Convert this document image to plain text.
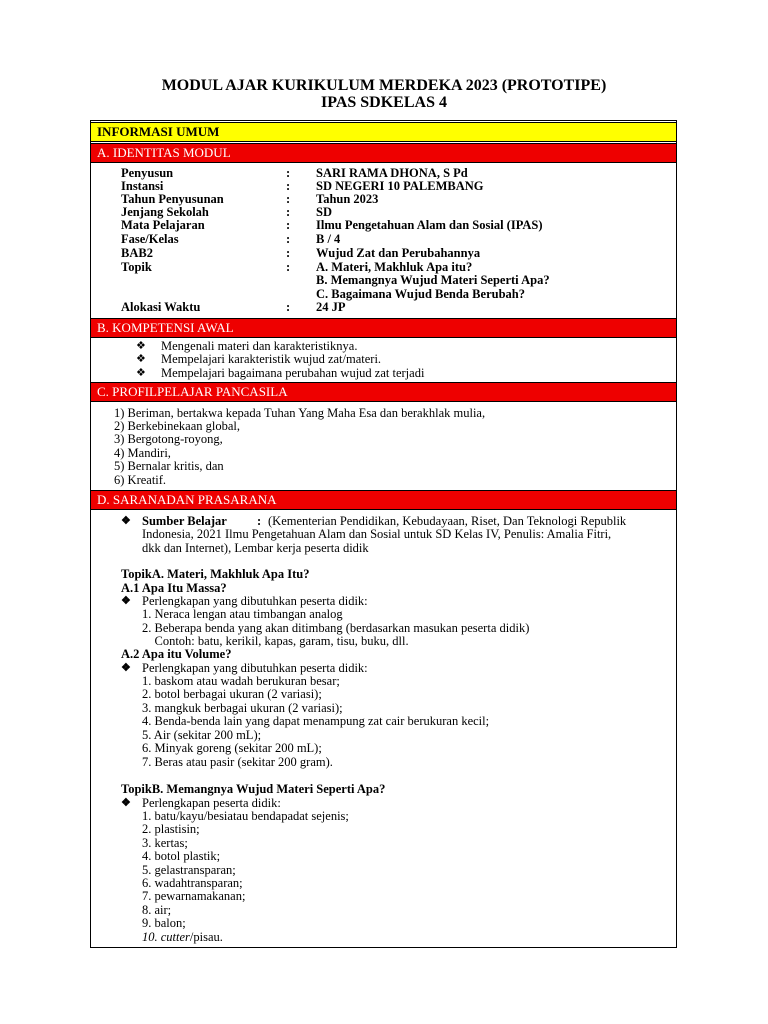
MODUL AJAR KURIKULUM MERDEKA 2023 (PROTOTIPE)
IPAS SDKELAS 4
INFORMASI UMUM
A. IDENTITAS MODUL
Penyusun	: SARI RAMA DHONA, S Pd
Instansi	: SD NEGERI 10 PALEMBANG
Tahun Penyusunan	: Tahun 2023
Jenjang Sekolah	: SD
Mata Pelajaran	: Ilmu Pengetahuan Alam dan Sosial (IPAS)
Fase/Kelas	: B / 4
BAB2	: Wujud Zat dan Perubahannya
Topik	: A. Materi, Makhluk Apa itu?
B. Memangnya Wujud Materi Seperti Apa?
C. Bagaimana Wujud Benda Berubah?
Alokasi Waktu	: 24 JP
B. KOMPETENSI AWAL
❖ Mengenali materi dan karakteristiknya.
❖ Mempelajari karakteristik wujud zat/materi.
❖ Mempelajari bagaimana perubahan wujud zat terjadi
C. PROFILPELAJAR PANCASILA
1) Beriman, bertakwa kepada Tuhan Yang Maha Esa dan berakhlak mulia,
2) Berkebinekaan global,
3) Bergotong-royong,
4) Mandiri,
5) Bernalar kritis, dan
6) Kreatif.
D. SARANADAN PRASARANA
❖ Sumber Belajar : (Kementerian Pendidikan, Kebudayaan, Riset, Dan Teknologi Republik
Indonesia, 2021 Ilmu Pengetahuan Alam dan Sosial untuk SD Kelas IV, Penulis: Amalia Fitri,
dkk dan Internet), Lembar kerja peserta didik
TopikA. Materi, Makhluk Apa Itu?
A.1 Apa Itu Massa?
❖ Perlengkapan yang dibutuhkan peserta didik:
1. Neraca lengan atau timbangan analog
2. Beberapa benda yang akan ditimbang (berdasarkan masukan peserta didik)
Contoh: batu, kerikil, kapas, garam, tisu, buku, dll.
A.2 Apa itu Volume?
❖ Perlengkapan yang dibutuhkan peserta didik:
1. baskom atau wadah berukuran besar;
2. botol berbagai ukuran (2 variasi);
3. mangkuk berbagai ukuran (2 variasi);
4. Benda-benda lain yang dapat menampung zat cair berukuran kecil;
5. Air (sekitar 200 mL);
6. Minyak goreng (sekitar 200 mL);
7. Beras atau pasir (sekitar 200 gram).
TopikB. Memangnya Wujud Materi Seperti Apa?
❖ Perlengkapan peserta didik:
1. batu/kayu/besiatau bendapadat sejenis;
2. plastisin;
3. kertas;
4. botol plastik;
5. gelastransparan;
6. wadahtransparan;
7. pewarnamakanan;
8. air;
9. balon;
10. cutter/pisau.
